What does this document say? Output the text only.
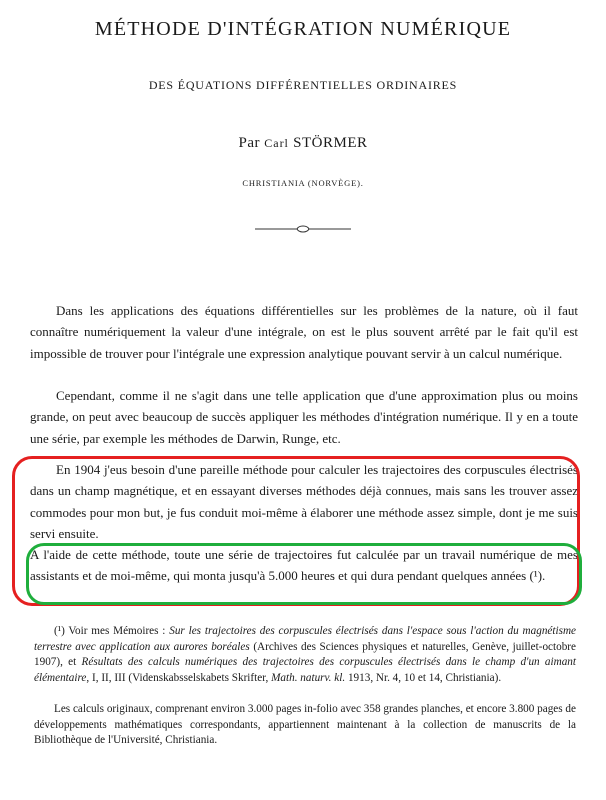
MÉTHODE D'INTÉGRATION NUMÉRIQUE
DES ÉQUATIONS DIFFÉRENTIELLES ORDINAIRES
Par Carl STÖRMER
CHRISTIANIA (NORVÈGE).

Dans les applications des équations différentielles sur les problèmes de la nature, où il faut connaître numériquement la valeur d'une intégrale, on est le plus souvent arrêté par le fait qu'il est impossible de trouver pour l'intégrale une expression analytique pouvant servir à un calcul numérique.

Cependant, comme il ne s'agit dans une telle application que d'une approximation plus ou moins grande, on peut avec beaucoup de succès appliquer les méthodes d'intégration numérique. Il y en a toute une série, par exemple les méthodes de Darwin, Runge, etc.

En 1904 j'eus besoin d'une pareille méthode pour calculer les trajectoires des corpuscules électrisés dans un champ magnétique, et en essayant diverses méthodes déjà connues, mais sans les trouver assez commodes pour mon but, je fus conduit moi-même à élaborer une méthode assez simple, dont je me suis servi ensuite.

A l'aide de cette méthode, toute une série de trajectoires fut calculée par un travail numérique de mes assistants et de moi-même, qui monta jusqu'à 5.000 heures et qui dura pendant quelques années (¹).

(¹) Voir mes Mémoires : Sur les trajectoires des corpuscules électrisés dans l'espace sous l'action du magnétisme terrestre avec application aux aurores boréales (Archives des Sciences physiques et naturelles, Genève, juillet-octobre 1907), et Résultats des calculs numériques des trajectoires des corpuscules électrisés dans le champ d'un aimant élémentaire, I, II, III (Videnskabsselskabets Skrifter, Math. naturv. kl. 1913, Nr. 4, 10 et 14, Christiania).

Les calculs originaux, comprenant environ 3.000 pages in-folio avec 358 grandes planches, et encore 3.800 pages de développements mathématiques correspondants, appartiennent maintenant à la collection de manuscrits de la Bibliothèque de l'Université, Christiania.
